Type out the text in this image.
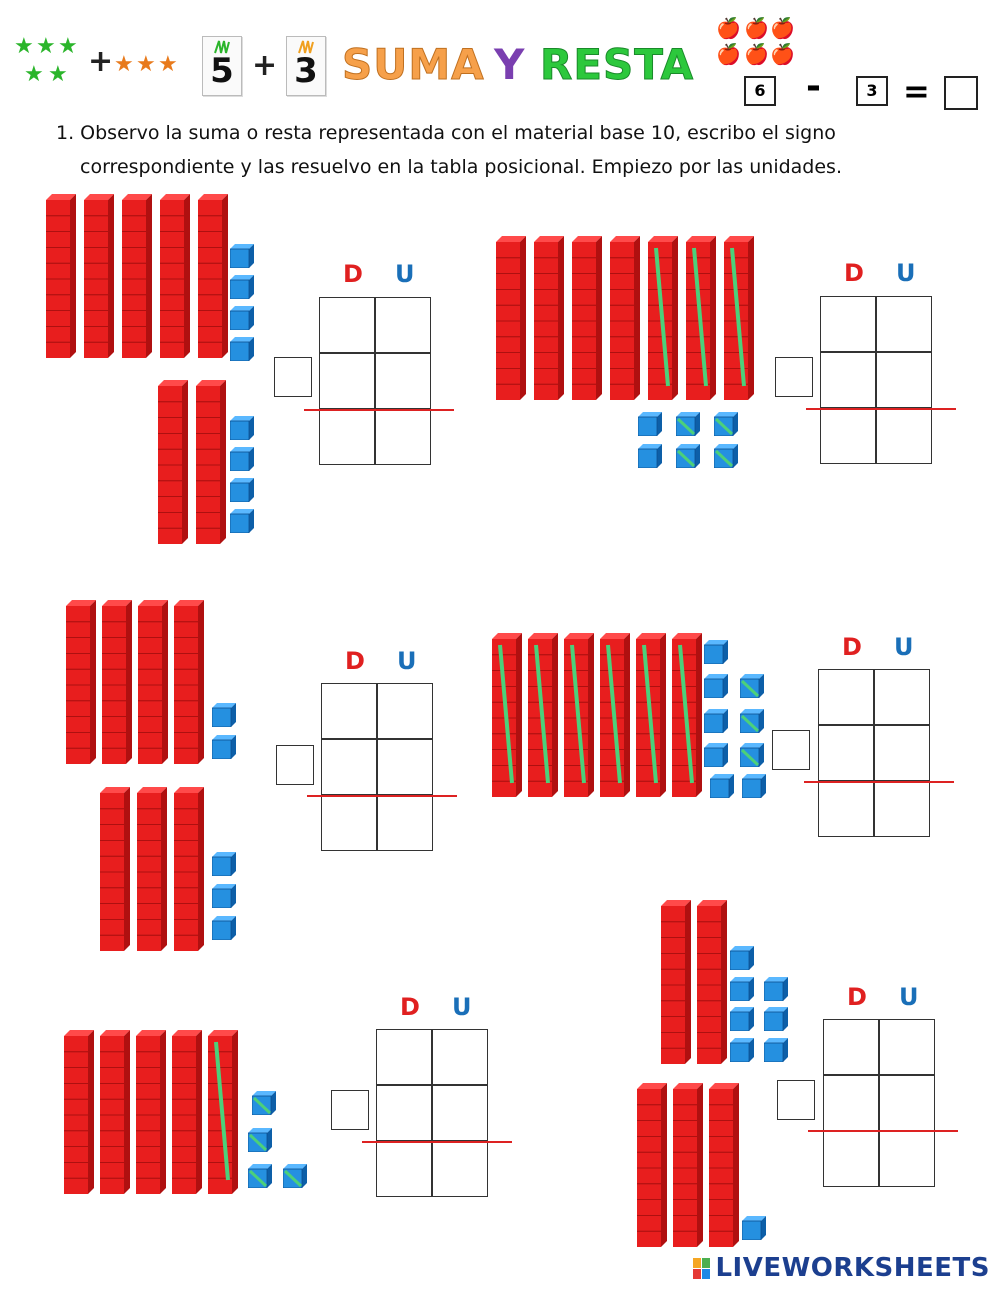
★ ★ ★
★ ★ + ★ ★ ★ 5 + 3 SUMA Y RESTA
🍎 🍎 🍎
🍎 🍎 🍎
6 -	3 =
1. Observo la suma o resta representada con el material base 10, escribo el signo
correspondiente y las resuelvo en la tabla posicional. Empiezo por las unidades.
D U	D U
D U	D U
D U	D U
LIVEWORKSHEETS
